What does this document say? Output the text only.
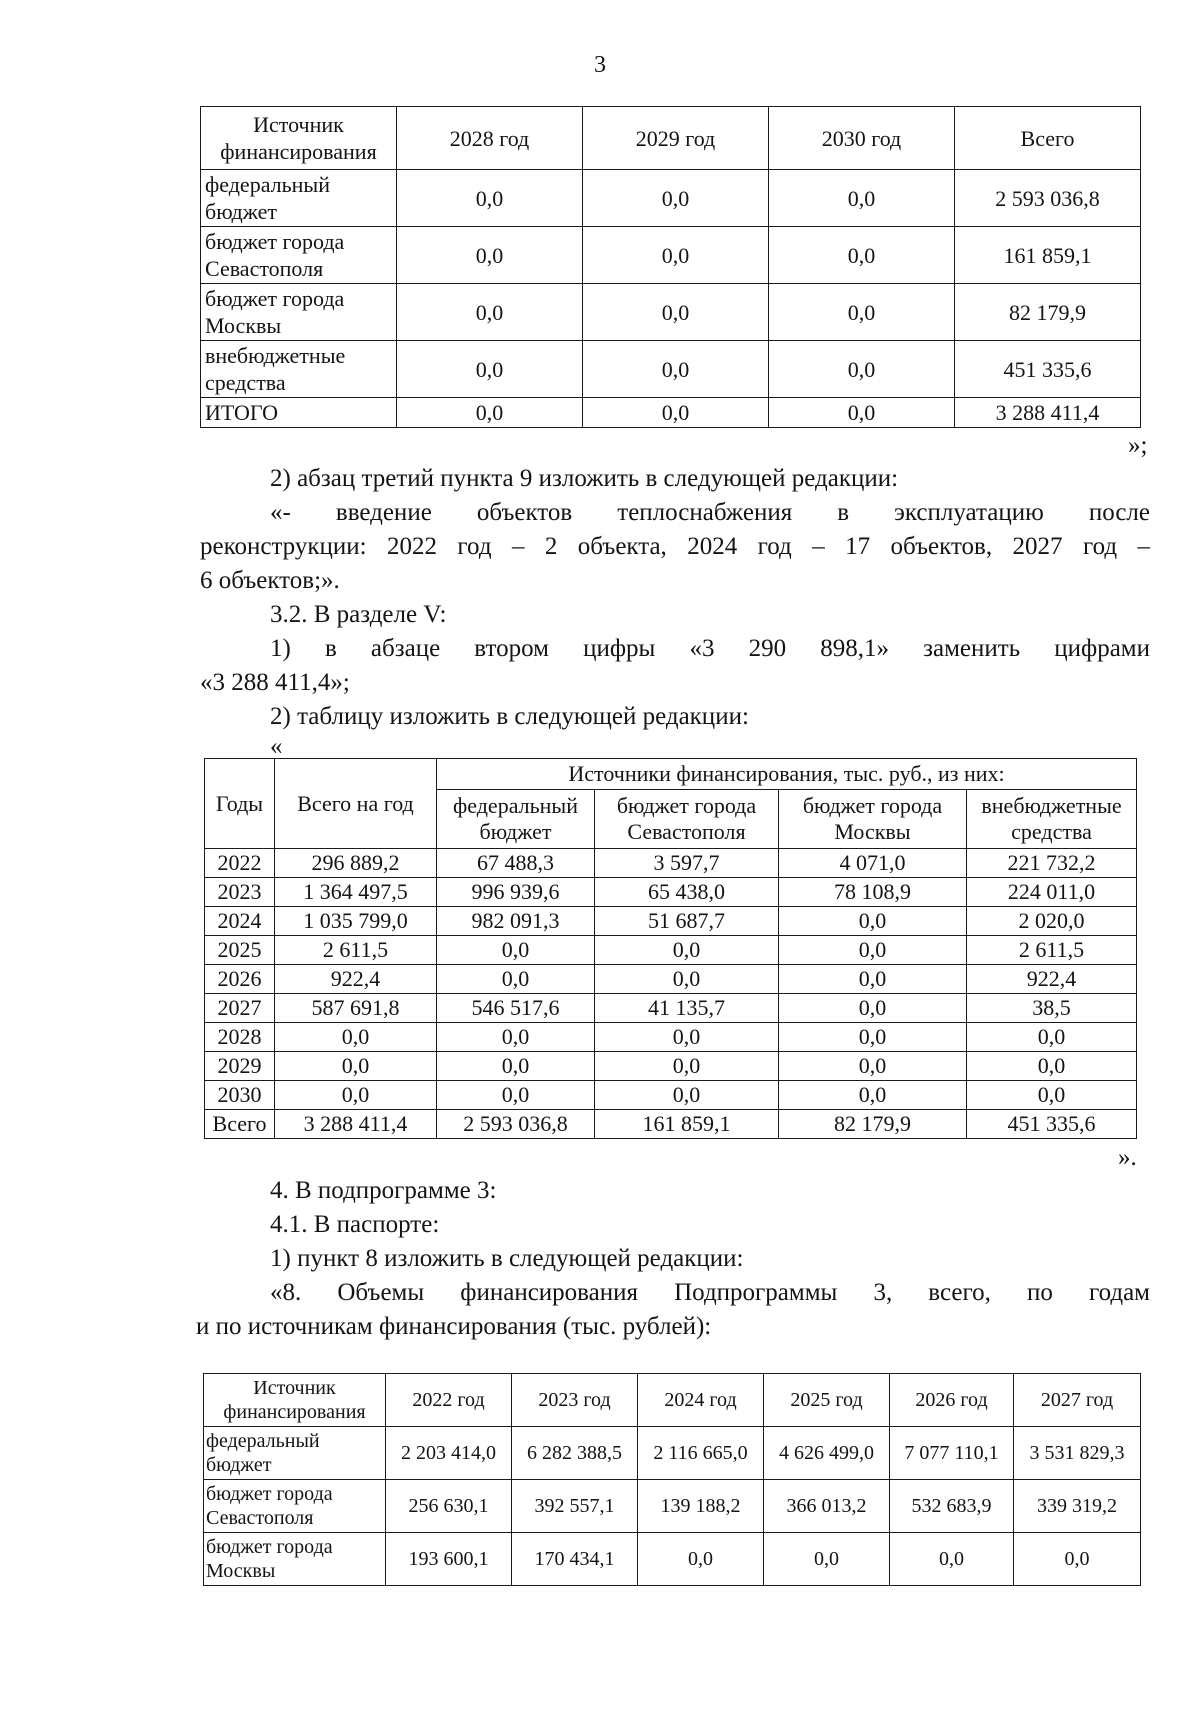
3
Источник финансирования	2028 год	2029 год	2030 год	Всего
федеральный бюджет	0,0	0,0	0,0	2 593 036,8
бюджет города Севастополя	0,0	0,0	0,0	161 859,1
бюджет города Москвы	0,0	0,0	0,0	82 179,9
внебюджетные средства	0,0	0,0	0,0	451 335,6
ИТОГО	0,0	0,0	0,0	3 288 411,4
»;
2) абзац третий пункта 9 изложить в следующей редакции:
«- введение объектов теплоснабжения в эксплуатацию после
реконструкции: 2022 год – 2 объекта, 2024 год – 17 объектов, 2027 год –
6 объектов;».
3.2. В разделе V:
1) в абзаце втором цифры «3 290 898,1» заменить цифрами
«3 288 411,4»;
2) таблицу изложить в следующей редакции:
«
Годы	Всего на год	Источники финансирования, тыс. руб., из них:			
		федеральный бюджет	бюджет города Севастополя	бюджет города Москвы	внебюджетные средства
2022	296 889,2	67 488,3	3 597,7	4 071,0	221 732,2
2023	1 364 497,5	996 939,6	65 438,0	78 108,9	224 011,0
2024	1 035 799,0	982 091,3	51 687,7	0,0	2 020,0
2025	2 611,5	0,0	0,0	0,0	2 611,5
2026	922,4	0,0	0,0	0,0	922,4
2027	587 691,8	546 517,6	41 135,7	0,0	38,5
2028	0,0	0,0	0,0	0,0	0,0
2029	0,0	0,0	0,0	0,0	0,0
2030	0,0	0,0	0,0	0,0	0,0
Всего	3 288 411,4	2 593 036,8	161 859,1	82 179,9	451 335,6
».
4. В подпрограмме 3:
4.1. В паспорте:
1) пункт 8 изложить в следующей редакции:
«8. Объемы финансирования Подпрограммы 3, всего, по годам
и по источникам финансирования (тыс. рублей):
Источник финансирования	2022 год	2023 год	2024 год	2025 год	2026 год	2027 год
федеральный бюджет	2 203 414,0	6 282 388,5	2 116 665,0	4 626 499,0	7 077 110,1	3 531 829,3
бюджет города Севастополя	256 630,1	392 557,1	139 188,2	366 013,2	532 683,9	339 319,2
бюджет города Москвы	193 600,1	170 434,1	0,0	0,0	0,0	0,0
